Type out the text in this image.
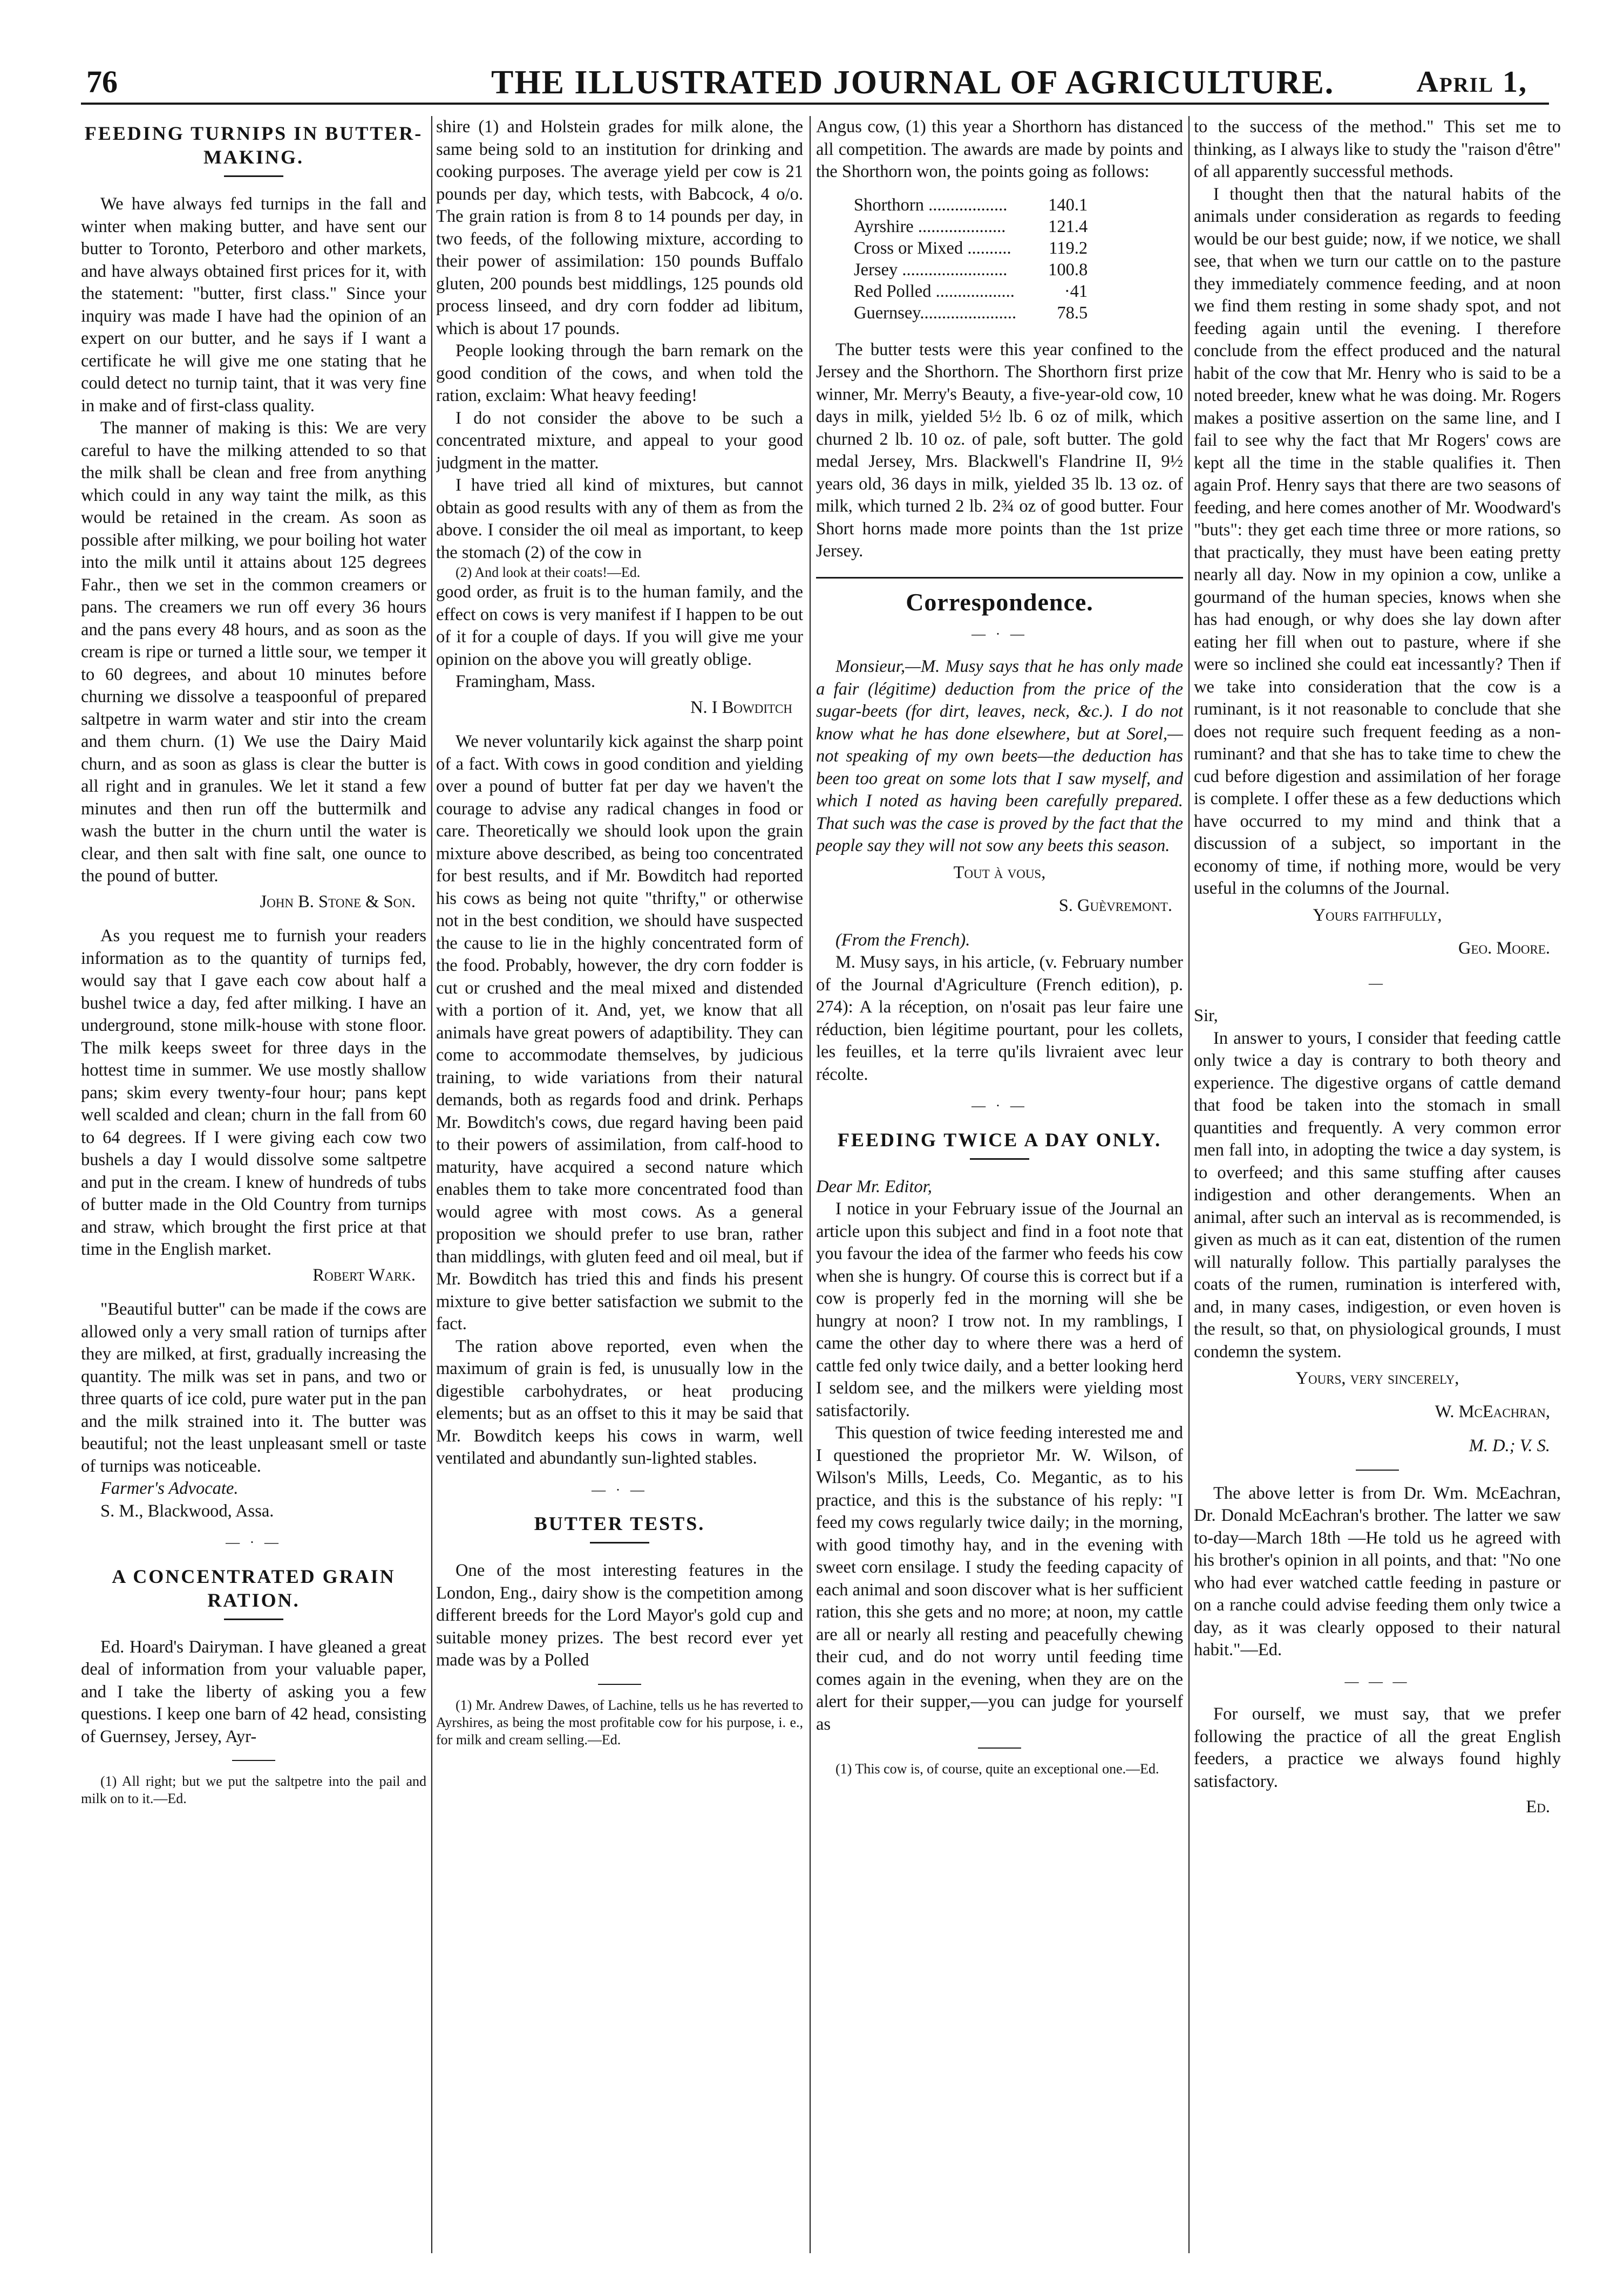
76	THE ILLUSTRATED JOURNAL OF AGRICULTURE.	April 1,
FEEDING TURNIPS IN BUTTER-MAKING.

We have always fed turnips in the fall and winter when making butter, and have sent our butter to Toronto, Peterboro and other markets, and have always obtained first prices for it, with the statement: "butter, first class." Since your inquiry was made I have had the opinion of an expert on our butter, and he says if I want a certificate he will give me one stating that he could detect no turnip taint, that it was very fine in make and of first-class quality.

The manner of making is this: We are very careful to have the milking attended to so that the milk shall be clean and free from anything which could in any way taint the milk, as this would be retained in the cream. As soon as possible after milking, we pour boiling hot water into the milk until it attains about 125 degrees Fahr., then we set in the common creamers or pans. The creamers we run off every 36 hours and the pans every 48 hours, and as soon as the cream is ripe or turned a little sour, we temper it to 60 degrees, and about 10 minutes before churning we dissolve a teaspoonful of prepared saltpetre in warm water and stir into the cream and them churn. (1) We use the Dairy Maid churn, and as soon as glass is clear the butter is all right and in granules. We let it stand a few minutes and then run off the buttermilk and wash the butter in the churn until the water is clear, and then salt with fine salt, one ounce to the pound of butter.

John B. Stone & Son.

As you request me to furnish your readers information as to the quantity of turnips fed, would say that I gave each cow about half a bushel twice a day, fed after milking. I have an underground, stone milk-house with stone floor. The milk keeps sweet for three days in the hottest time in summer. We use mostly shallow pans; skim every twenty-four hour; pans kept well scalded and clean; churn in the fall from 60 to 64 degrees. If I were giving each cow two bushels a day I would dissolve some saltpetre and put in the cream. I knew of hundreds of tubs of butter made in the Old Country from turnips and straw, which brought the first price at that time in the English market.

Robert Wark.

"Beautiful butter" can be made if the cows are allowed only a very small ration of turnips after they are milked, at first, gradually increasing the quantity. The milk was set in pans, and two or three quarts of ice cold, pure water put in the pan and the milk strained into it. The butter was beautiful; not the least unpleasant smell or taste of turnips was noticeable.

Farmer's Advocate.

S. M., Blackwood, Assa.

— · —
A CONCENTRATED GRAIN RATION.

Ed. Hoard's Dairyman. I have gleaned a great deal of information from your valuable paper, and I take the liberty of asking you a few questions. I keep one barn of 42 head, consisting of Guernsey, Jersey, Ayr-

(1) All right; but we put the saltpetre into the pail and milk on to it.—Ed.

shire (1) and Holstein grades for milk alone, the same being sold to an institution for drinking and cooking purposes. The average yield per cow is 21 pounds per day, which tests, with Babcock, 4 o/o. The grain ration is from 8 to 14 pounds per day, in two feeds, of the following mixture, according to their power of assimilation: 150 pounds Buffalo gluten, 200 pounds best middlings, 125 pounds old process linseed, and dry corn fodder ad libitum, which is about 17 pounds.

People looking through the barn remark on the good condition of the cows, and when told the ration, exclaim: What heavy feeding!

I do not consider the above to be such a concentrated mixture, and appeal to your good judgment in the matter.

I have tried all kind of mixtures, but cannot obtain as good results with any of them as from the above. I consider the oil meal as important, to keep the stomach (2) of the cow in

(2) And look at their coats!—Ed.

good order, as fruit is to the human family, and the effect on cows is very manifest if I happen to be out of it for a couple of days. If you will give me your opinion on the above you will greatly oblige.

Framingham, Mass.

N. I Bowditch

We never voluntarily kick against the sharp point of a fact. With cows in good condition and yielding over a pound of butter fat per day we haven't the courage to advise any radical changes in food or care. Theoretically we should look upon the grain mixture above described, as being too concentrated for best results, and if Mr. Bowditch had reported his cows as being not quite "thrifty," or otherwise not in the best condition, we should have suspected the cause to lie in the highly concentrated form of the food. Probably, however, the dry corn fodder is cut or crushed and the meal mixed and distended with a portion of it. And, yet, we know that all animals have great powers of adaptibility. They can come to accommodate themselves, by judicious training, to wide variations from their natural demands, both as regards food and drink. Perhaps Mr. Bowditch's cows, due regard having been paid to their powers of assimilation, from calf-hood to maturity, have acquired a second nature which enables them to take more concentrated food than would agree with most cows. As a general proposition we should prefer to use bran, rather than middlings, with gluten feed and oil meal, but if Mr. Bowditch has tried this and finds his present mixture to give better satisfaction we submit to the fact.

The ration above reported, even when the maximum of grain is fed, is unusually low in the digestible carbohydrates, or heat producing elements; but as an offset to this it may be said that Mr. Bowditch keeps his cows in warm, well ventilated and abundantly sun-lighted stables.

— · —
BUTTER TESTS.

One of the most interesting features in the London, Eng., dairy show is the competition among different breeds for the Lord Mayor's gold cup and suitable money prizes. The best record ever yet made was by a Polled

(1) Mr. Andrew Dawes, of Lachine, tells us he has reverted to Ayrshires, as being the most profitable cow for his purpose, i. e., for milk and cream selling.—Ed.

Angus cow, (1) this year a Shorthorn has distanced all competition. The awards are made by points and the Shorthorn won, the points going as follows:

Shorthorn ..................	140.1
Ayrshire ....................	121.4
Cross or Mixed ..........	119.2
Jersey ........................	100.8
Red Polled ..................	·41
Guernsey......................	78.5

The butter tests were this year confined to the Jersey and the Shorthorn. The Shorthorn first prize winner, Mr. Merry's Beauty, a five-year-old cow, 10 days in milk, yielded 5½ lb. 6 oz of milk, which churned 2 lb. 10 oz. of pale, soft butter. The gold medal Jersey, Mrs. Blackwell's Flandrine II, 9½ years old, 36 days in milk, yielded 35 lb. 13 oz. of milk, which turned 2 lb. 2¾ oz of good butter. Four Short horns made more points than the 1st prize Jersey.

Correspondence.
— · —

Monsieur,—M. Musy says that he has only made a fair (légitime) deduction from the price of the sugar-beets (for dirt, leaves, neck, &c.). I do not know what he has done elsewhere, but at Sorel,—not speaking of my own beets—the deduction has been too great on some lots that I saw myself, and which I noted as having been carefully prepared. That such was the case is proved by the fact that the people say they will not sow any beets this season.

Tout à vous,
S. Guèvremont.

(From the French).

M. Musy says, in his article, (v. February number of the Journal d'Agriculture (French edition), p. 274): A la réception, on n'osait pas leur faire une réduction, bien légitime pourtant, pour les collets, les feuilles, et la terre qu'ils livraient avec leur récolte.

— · —
FEEDING TWICE A DAY ONLY.

Dear Mr. Editor,

I notice in your February issue of the Journal an article upon this subject and find in a foot note that you favour the idea of the farmer who feeds his cow when she is hungry. Of course this is correct but if a cow is properly fed in the morning will she be hungry at noon? I trow not. In my ramblings, I came the other day to where there was a herd of cattle fed only twice daily, and a better looking herd I seldom see, and the milkers were yielding most satisfactorily.

This question of twice feeding interested me and I questioned the proprietor Mr. W. Wilson, of Wilson's Mills, Leeds, Co. Megantic, as to his practice, and this is the substance of his reply: "I feed my cows regularly twice daily; in the morning, with good timothy hay, and in the evening with sweet corn ensilage. I study the feeding capacity of each animal and soon discover what is her sufficient ration, this she gets and no more; at noon, my cattle are all or nearly all resting and peacefully chewing their cud, and do not worry until feeding time comes again in the evening, when they are on the alert for their supper,—you can judge for yourself as

(1) This cow is, of course, quite an exceptional one.—Ed.

to the success of the method." This set me to thinking, as I always like to study the "raison d'être" of all apparently successful methods.

I thought then that the natural habits of the animals under consideration as regards to feeding would be our best guide; now, if we notice, we shall see, that when we turn our cattle on to the pasture they immediately commence feeding, and at noon we find them resting in some shady spot, and not feeding again until the evening. I therefore conclude from the effect produced and the natural habit of the cow that Mr. Henry who is said to be a noted breeder, knew what he was doing. Mr. Rogers makes a positive assertion on the same line, and I fail to see why the fact that Mr Rogers' cows are kept all the time in the stable qualifies it. Then again Prof. Henry says that there are two seasons of feeding, and here comes another of Mr. Woodward's "buts": they get each time three or more rations, so that practically, they must have been eating pretty nearly all day. Now in my opinion a cow, unlike a gourmand of the human species, knows when she has had enough, or why does she lay down after eating her fill when out to pasture, where if she were so inclined she could eat incessantly? Then if we take into consideration that the cow is a ruminant, is it not reasonable to conclude that she does not require such frequent feeding as a non-ruminant? and that she has to take time to chew the cud before digestion and assimilation of her forage is complete. I offer these as a few deductions which have occurred to my mind and think that a discussion of a subject, so important in the economy of time, if nothing more, would be very useful in the columns of the Journal.

Yours faithfully,
Geo. Moore.
—

Sir,

In answer to yours, I consider that feeding cattle only twice a day is contrary to both theory and experience. The digestive organs of cattle demand that food be taken into the stomach in small quantities and frequently. A very common error men fall into, in adopting the twice a day system, is to overfeed; and this same stuffing after causes indigestion and other derangements. When an animal, after such an interval as is recommended, is given as much as it can eat, distention of the rumen will naturally follow. This partially paralyses the coats of the rumen, rumination is interfered with, and, in many cases, indigestion, or even hoven is the result, so that, on physiological grounds, I must condemn the system.

Yours, very sincerely,
W. McEachran,
M. D.; V. S.

The above letter is from Dr. Wm. McEachran, Dr. Donald McEachran's brother. The latter we saw to-day—March 18th —He told us he agreed with his brother's opinion in all points, and that: "No one who had ever watched cattle feeding in pasture or on a ranche could advise feeding them only twice a day, as it was clearly opposed to their natural habit."—Ed.

— — —

For ourself, we must say, that we prefer following the practice of all the great English feeders, a practice we always found highly satisfactory.

Ed.
